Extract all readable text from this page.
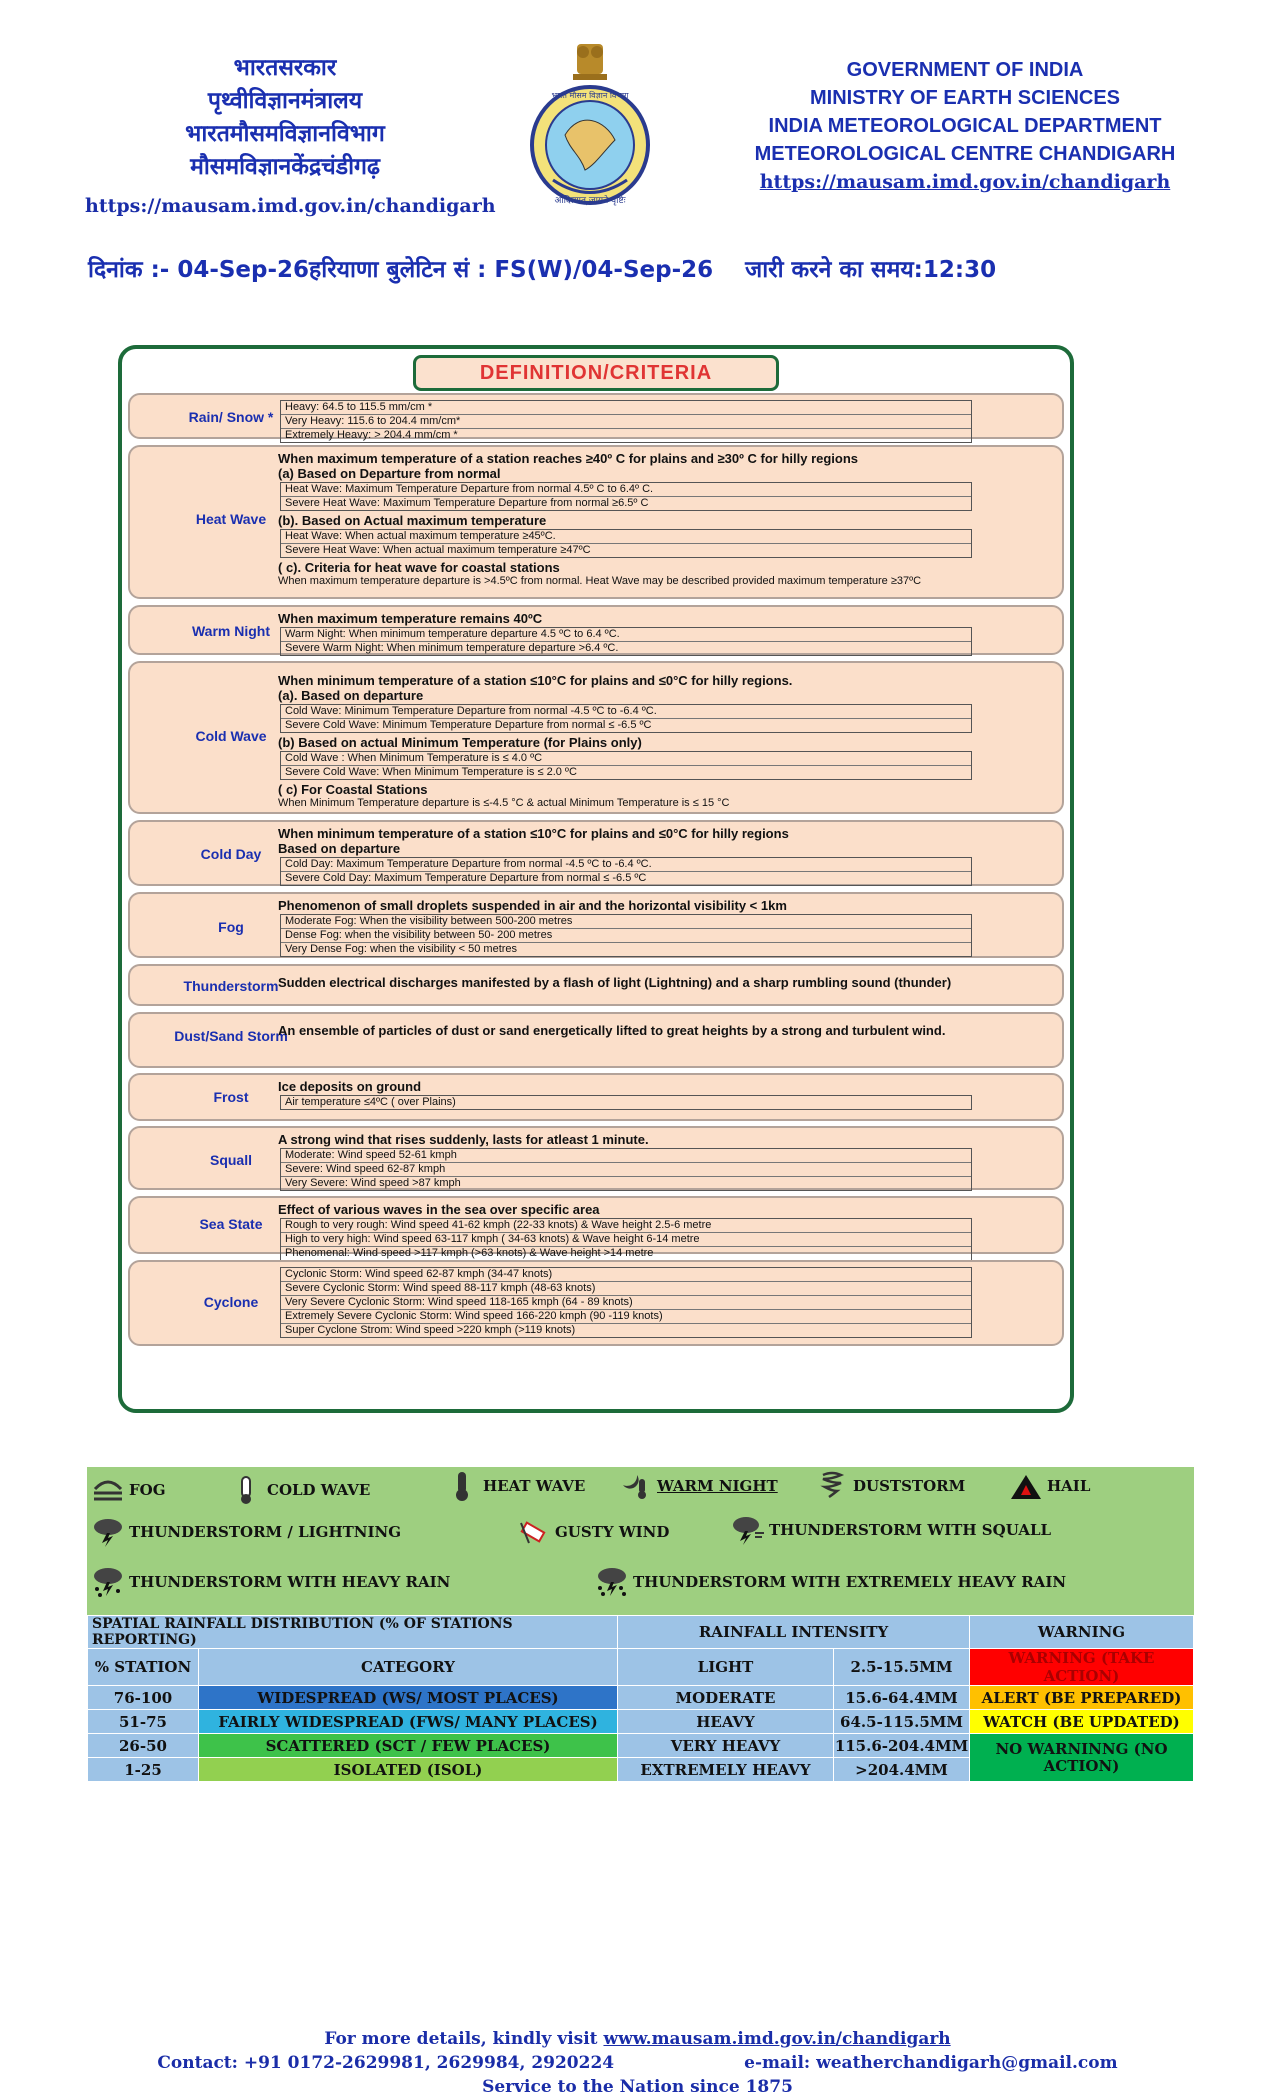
भारतसरकार
पृथ्वीविज्ञानमंत्रालय
भारतमौसमविज्ञानविभाग
मौसमविज्ञानकेंद्रचंडीगढ़
https://mausam.imd.gov.in/chandigarh	आदित्यात् जायते वृष्टिः
भारत मौसम विज्ञान विभाग
GOVERNMENT OF INDIA
MINISTRY OF EARTH SCIENCES
INDIA METEOROLOGICAL DEPARTMENT
METEOROLOGICAL CENTRE CHANDIGARH
https://mausam.imd.gov.in/chandigarh
दिनांक :- 04-Sep-26हरियाणा बुलेटिन सं : FS(W)/04-Sep-26    जारी करने का समय:12:30
DEFINITION/CRITERIA
Rain/ Snow *
Heavy: 64.5 to 115.5 mm/cm *
Very Heavy: 115.6 to 204.4 mm/cm*
Extremely Heavy: > 204.4 mm/cm *
Heat Wave

When maximum temperature of a station reaches ≥40º C for plains and ≥30º C for hilly regions

(a) Based on Departure from normal

Heat Wave: Maximum Temperature Departure from normal 4.5º C to 6.4º C.
Severe Heat Wave: Maximum Temperature Departure from normal ≥6.5º C

(b). Based on Actual maximum temperature

Heat Wave: When actual maximum temperature ≥45ºC.
Severe Heat Wave: When actual maximum temperature ≥47ºC

( c). Criteria for heat wave for coastal stations

When maximum temperature departure is >4.5ºC from normal. Heat Wave may be described provided maximum temperature ≥37ºC

Warm Night

When maximum temperature remains 40ºC

Warm Night: When minimum temperature departure 4.5 ºC to 6.4 ºC.
Severe Warm Night: When minimum temperature departure >6.4 ºC.
Cold Wave

When minimum temperature of a station ≤10°C for plains and ≤0°C for hilly regions.

(a). Based on departure

Cold Wave: Minimum Temperature Departure from normal -4.5 ºC to -6.4 ºC.
Severe Cold Wave: Minimum Temperature Departure from normal ≤ -6.5 ºC

(b) Based on actual Minimum Temperature (for Plains only)

Cold Wave : When Minimum Temperature is ≤ 4.0 ºC
Severe Cold Wave: When Minimum Temperature is ≤ 2.0 ºC

( c) For Coastal Stations

When Minimum Temperature departure is ≤-4.5 °C & actual Minimum Temperature is ≤ 15 °C

Cold Day

When minimum temperature of a station ≤10°C for plains and ≤0°C for hilly regions

Based on departure

Cold Day: Maximum Temperature Departure from normal -4.5 ºC to -6.4 ºC.
Severe Cold Day: Maximum Temperature Departure from normal ≤ -6.5 ºC
Fog

Phenomenon of small droplets suspended in air and the horizontal visibility < 1km

Moderate Fog: When the visibility between 500-200 metres
Dense Fog: when the visibility between 50- 200 metres
Very Dense Fog: when the visibility < 50 metres
Thunderstorm Sudden electrical discharges manifested by a flash of light (Lightning) and a sharp rumbling sound (thunder)

Dust/Sand Storm

An ensemble of particles of dust or sand energetically lifted to great heights by a strong and turbulent wind.

Frost

Ice deposits on ground

Air temperature ≤4ºC ( over Plains)
Squall

A strong wind that rises suddenly, lasts for atleast 1 minute.

Moderate: Wind speed 52-61 kmph
Severe: Wind speed 62-87 kmph
Very Severe: Wind speed >87 kmph
Sea State

Effect of various waves in the sea over specific area

Rough to very rough: Wind speed 41-62 kmph (22-33 knots) & Wave height 2.5-6 metre
High to very high: Wind speed 63-117 kmph ( 34-63 knots) & Wave height 6-14 metre
Phenomenal: Wind speed >117 kmph (>63 knots) & Wave height >14 metre
Cyclone
Cyclonic Storm: Wind speed 62-87 kmph (34-47 knots)
Severe Cyclonic Storm: Wind speed 88-117 kmph (48-63 knots)
Very Severe Cyclonic Storm: Wind speed 118-165 kmph (64 - 89 knots)
Extremely Severe Cyclonic Storm: Wind speed 166-220 kmph (90 -119 knots)
Super Cyclone Strom: Wind speed >220 kmph (>119 knots)
FOG	COLD WAVE	HEAT WAVE	WARM NIGHT	DUSTSTORM	HAIL
THUNDERSTORM / LIGHTNING	GUSTY WIND	THUNDERSTORM WITH SQUALL
THUNDERSTORM WITH HEAVY RAIN	THUNDERSTORM WITH EXTREMELY HEAVY RAIN
SPATIAL RAINFALL DISTRIBUTION (% OF STATIONS REPORTING)		RAINFALL INTENSITY		WARNING
% STATION	CATEGORY	LIGHT	2.5-15.5MM	WARNING (TAKE ACTION)
76-100	WIDESPREAD (WS/ MOST PLACES)	MODERATE	15.6-64.4MM	ALERT (BE PREPARED)
51-75	FAIRLY WIDESPREAD (FWS/ MANY PLACES)	HEAVY	64.5-115.5MM	WATCH (BE UPDATED)
26-50	SCATTERED (SCT / FEW PLACES)	VERY HEAVY	115.6-204.4MM	NO WARNINNG (NO ACTION)
1-25	ISOLATED (ISOL)	EXTREMELY HEAVY	>204.4MM	
For more details, kindly visit www.mausam.imd.gov.in/chandigarh
Contact: +91 0172-2629981, 2629984, 2920224	e-mail: weatherchandigarh@gmail.com
Service to the Nation since 1875
